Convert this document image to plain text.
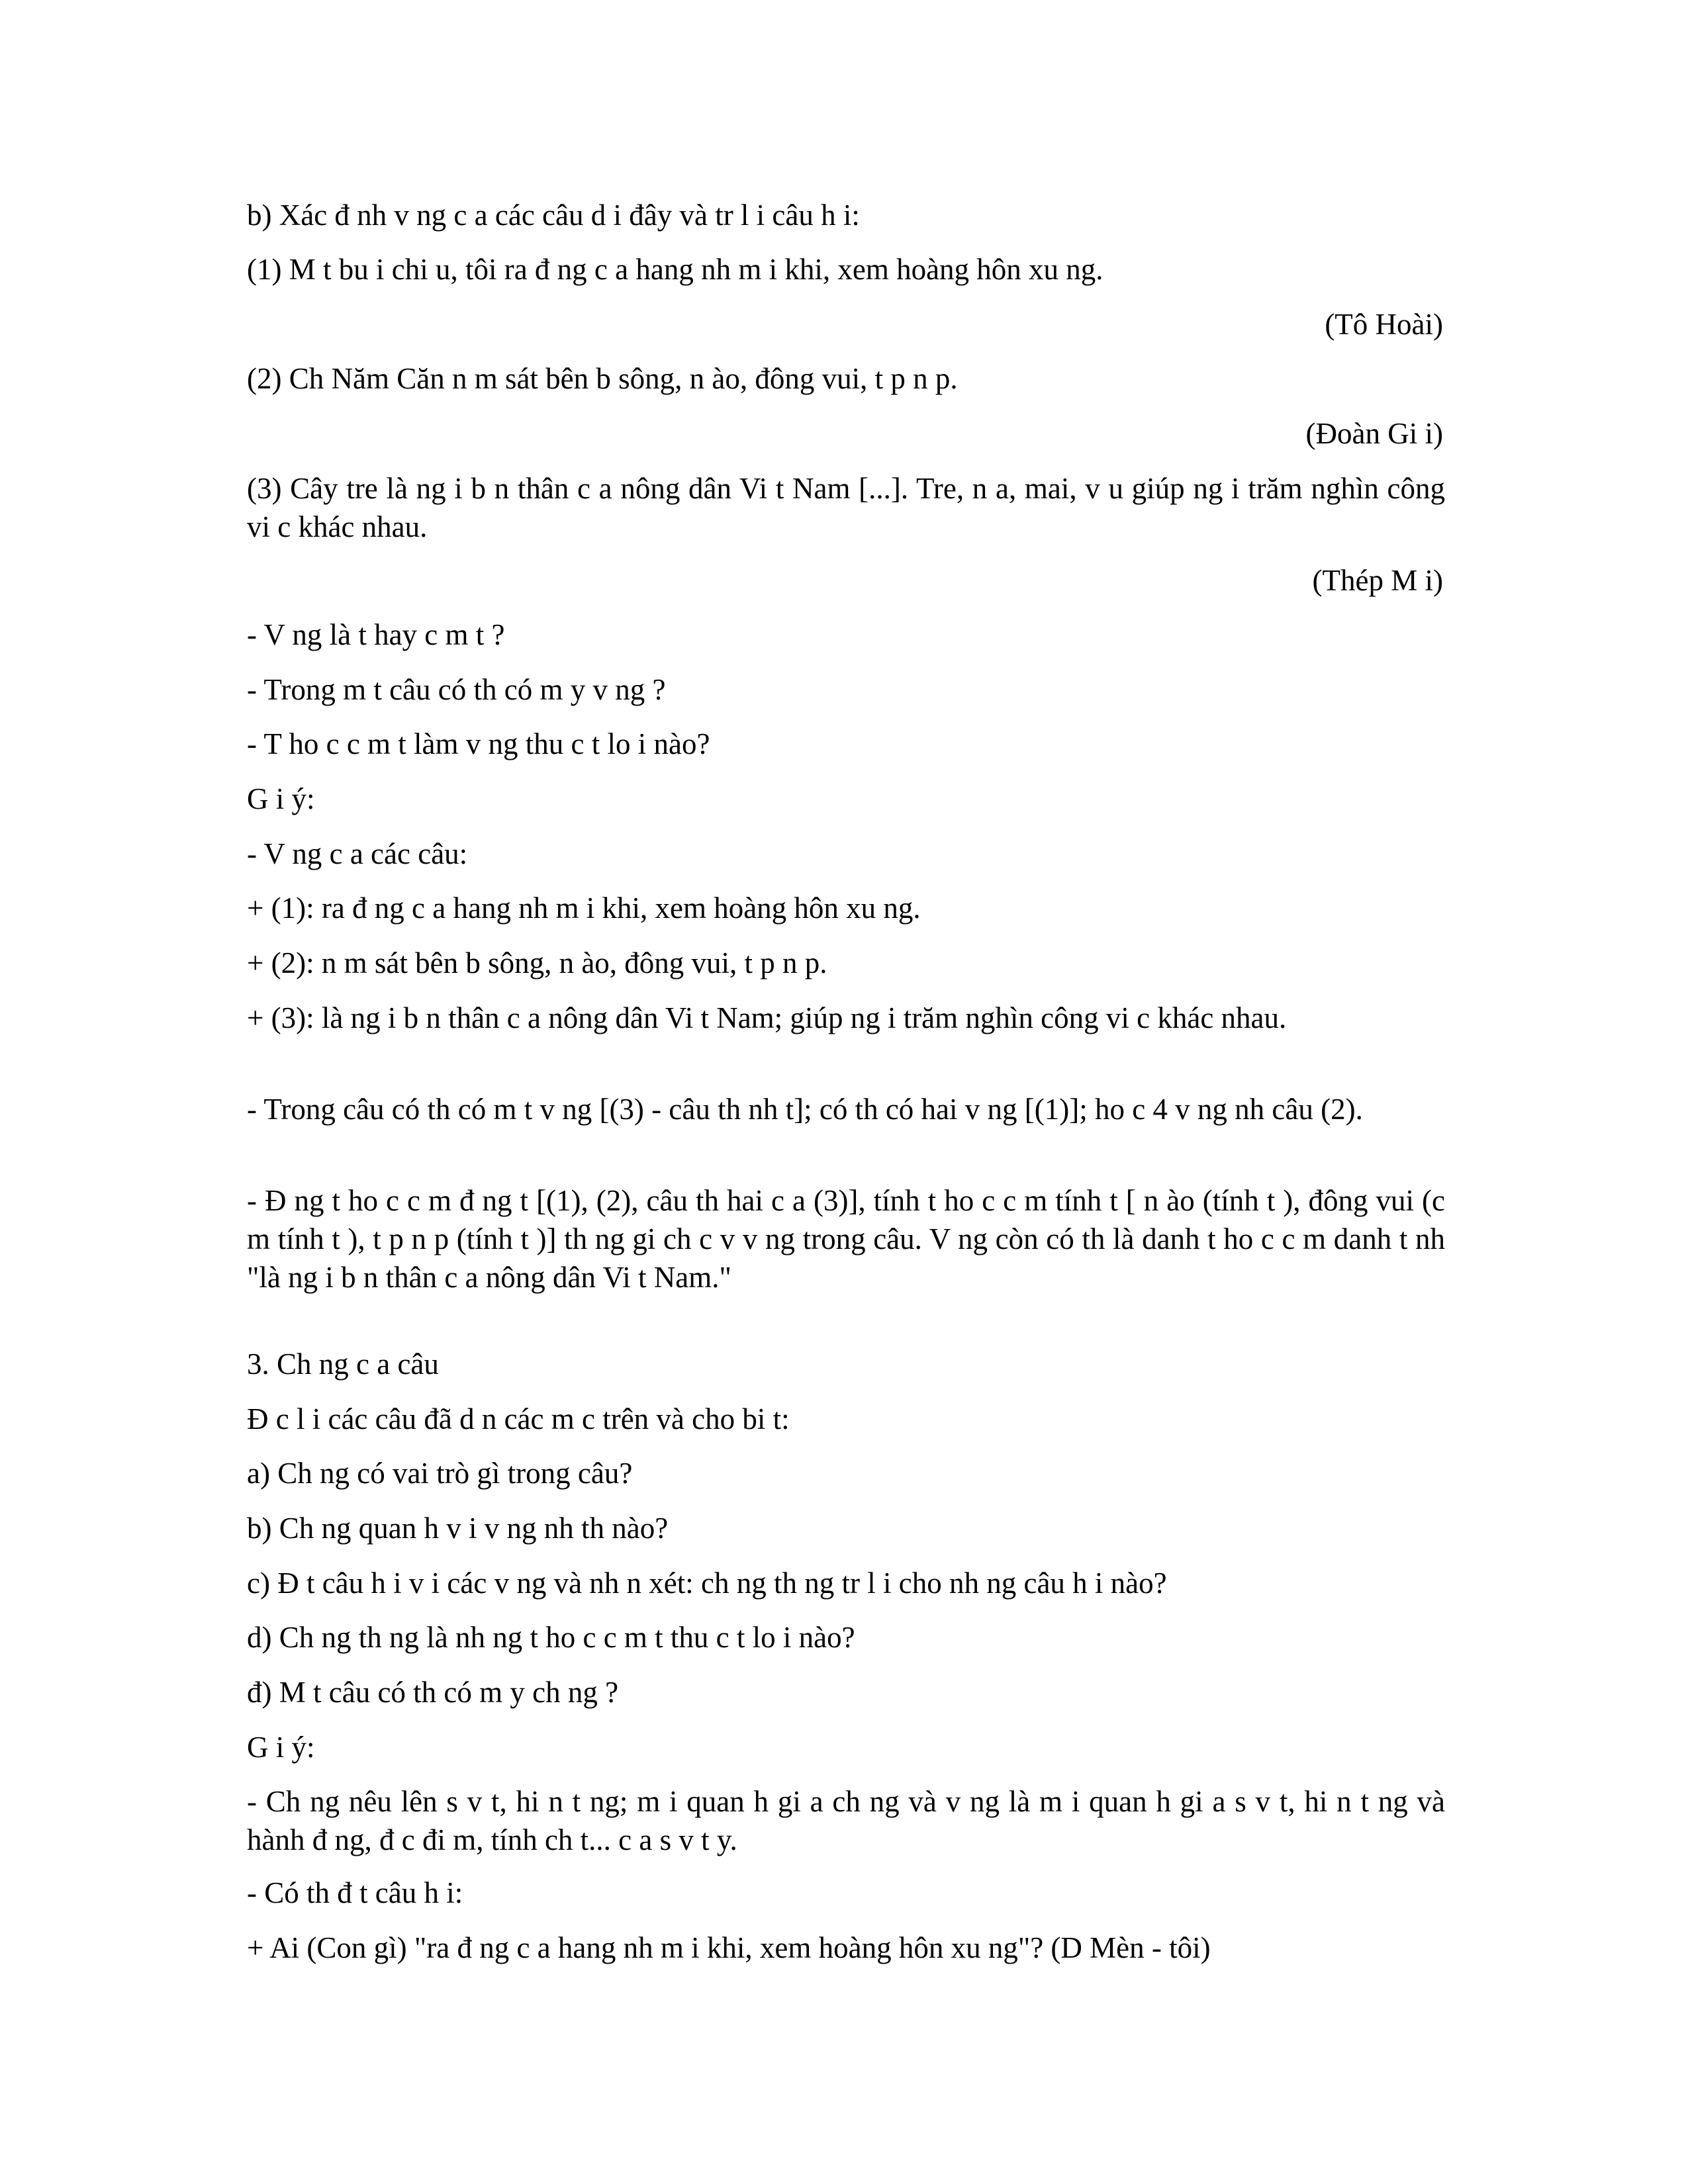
b) Xác đ nh v ng c a các câu d i đây và tr l i câu h i:

(1) M t bu i chi u, tôi ra đ ng c a hang nh m i khi, xem hoàng hôn xu ng.

(Tô Hoài)

(2) Ch Năm Căn n m sát bên b sông, n ào, đông vui, t p n p.

(Đoàn Gi i)

(3) Cây tre là ng i b n thân c a nông dân Vi t Nam [...]. Tre, n a, mai, v u giúp ng i trăm nghìn công vi c khác nhau.

(Thép M i)

- V ng là t hay c m t ?

- Trong m t câu có th có m y v ng ?

- T ho c c m t làm v ng thu c t lo i nào?

G i ý:

- V ng c a các câu:

+ (1): ra đ ng c a hang nh m i khi, xem hoàng hôn xu ng.

+ (2): n m sát bên b sông, n ào, đông vui, t p n p.

+ (3): là ng i b n thân c a nông dân Vi t Nam; giúp ng i trăm nghìn công vi c khác nhau.

- Trong câu có th có m t v ng [(3) - câu th nh t]; có th có hai v ng [(1)]; ho c 4 v ng nh câu (2).

- Đ ng t ho c c m đ ng t [(1), (2), câu th hai c a (3)], tính t ho c c m tính t [ n ào (tính t ), đông vui (c m tính t ), t p n p (tính t )] th ng gi ch c v v ng trong câu. V ng còn có th là danh t ho c c m danh t nh "là ng i b n thân c a nông dân Vi t Nam."

3. Ch ng c a câu

Đ c l i các câu đã d n các m c trên và cho bi t:

a) Ch ng có vai trò gì trong câu?

b) Ch ng quan h v i v ng nh th nào?

c) Đ t câu h i v i các v ng và nh n xét: ch ng th ng tr l i cho nh ng câu h i nào?

d) Ch ng th ng là nh ng t ho c c m t thu c t lo i nào?

đ) M t câu có th có m y ch ng ?

G i ý:

- Ch ng nêu lên s v t, hi n t ng; m i quan h gi a ch ng và v ng là m i quan h gi a s v t, hi n t ng và hành đ ng, đ c đi m, tính ch t... c a s v t y.

- Có th đ t câu h i:

+ Ai (Con gì) "ra đ ng c a hang nh m i khi, xem hoàng hôn xu ng"? (D Mèn - tôi)
